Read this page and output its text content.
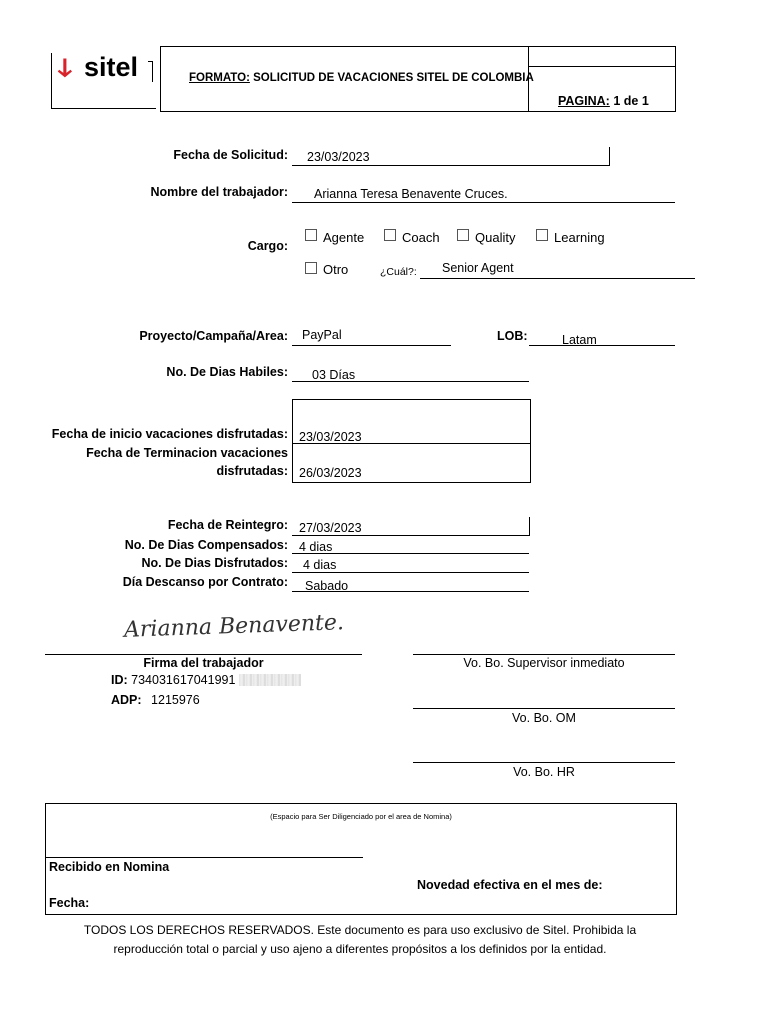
ↆ sitel	FORMATO: SOLICITUD DE VACACIONES SITEL DE COLOMBIA
PAGINA: 1 de 1
Fecha de Solicitud: 23/03/2023
Nombre del trabajador: Arianna Teresa Benavente Cruces.
Cargo:
Agente	Coach	Quality	Learning
Otro	¿Cuál?: Senior Agent
Proyecto/Campaña/Area: PayPal	LOB:	Latam
No. De Dias Habiles: 03 Días
Fecha de inicio vacaciones disfrutadas: 23/03/2023
Fecha de Terminacion vacaciones
disfrutadas: 26/03/2023
Fecha de Reintegro: 27/03/2023
No. De Dias Compensados: 4 dias
No. De Dias Disfrutados: 4 dias
Día Descanso por Contrato: Sabado
Arianna Benavente.
Firma del trabajador
ID: 734031617041991
ADP: 1215976
Vo. Bo. Supervisor inmediato
Vo. Bo. OM
Vo. Bo. HR
(Espacio para Ser Diligenciado por el area de Nomina)
Recibido en Nomina
Novedad efectiva en el mes de:
Fecha:
TODOS LOS DERECHOS RESERVADOS. Este documento es para uso exclusivo de Sitel. Prohibida la
reproducción total o parcial y uso ajeno a diferentes propósitos a los definidos por la entidad.
